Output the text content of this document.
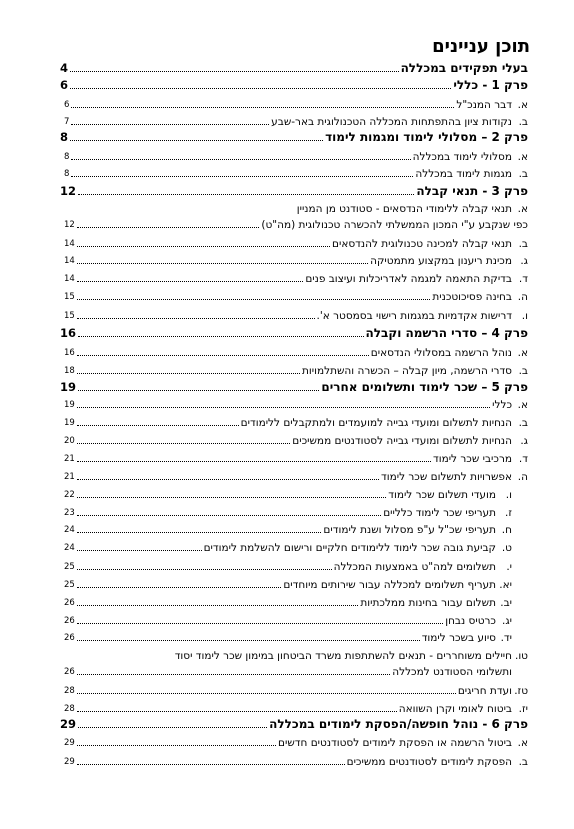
תוכן עניינים
בעלי תפקידים במכללה
4
פרק 1 - כללי
6
א.
דבר המנכ"ל
6
ב.
נקודות ציון בהתפתחות המכללה הטכנולוגית באר-שבע
7
פרק 2 – מסלולי לימוד ומגמות לימוד
8
א.
מסלולי לימוד במכללה
8
ב.
מגמות לימוד במכללה
8
פרק 3 - תנאי קבלה
12
א.
תנאי קבלה ללימודי הנדסאים - סטודנט מן המניין
כפי שנקבע ע"י המכון הממשלתי להכשרה טכנולוגית (מה"ט)
12
ב.
תנאי קבלה למכינה טכנולוגית להנדסאים
14
ג.
מכינת ריענון במקצוע מתמטיקה
14
ד.
בדיקת התאמה למגמה לאדריכלות ועיצוב פנים
14
ה.
בחינה פסיכוטכנית
15
ו.
דרישות אקדמיות במגמות רישוי בסמסטר א'.
15
פרק 4 – סדרי הרשמה וקבלה
16
א.
נוהל הרשמה במסלולי הנדסאים
16
ב.
סדרי הרשמה, מיון קבלה – הכשרה והשתלמויות
18
פרק 5 – שכר לימוד ותשלומים אחרים
19
א.
כללי
19
ב.
הנחיות לתשלום ומועדי גבייה למועמדים ולמתקבלים ללימודים
19
ג.
הנחיות לתשלום ומועדי גבייה לסטודנטים ממשיכים
20
ד.
מרכיבי שכר לימוד
21
ה.
אפשרויות לתשלום שכר לימוד
21
ו.
מועדי תשלום שכר לימוד
22
ז.
תעריפי שכר לימוד כלליים
23
ח.
תעריפי שכ"ל ע"פ מסלול ושנת לימודים
24
ט.
קביעת גובה שכר לימוד ללימודים חלקיים ורישום להשלמת לימודים
24
י.
תשלומים למה"ט באמצעות המכללה
25
יא.
תעריף תשלומים למכללה עבור שירותים מיוחדים
25
יב.
תשלום עבור בחינות ממלכתיות
26
יג.
כרטיס נבחן
26
יד.
סיוע בשכר לימוד
26
טו.
חיילים משוחררים - תנאים להשתתפות משרד הביטחון במימון שכר לימוד יסוד
ותשלומי הסטודנט למכללה
26
טז.
ועדת חריגים
28
יז.
ביטוח לאומי וקרן השוואה
28
פרק 6 - נוהל חופשה/הפסקת לימודים במכללה
29
א.
ביטול הרשמה או הפסקת לימודים לסטודנטים חדשים
29
ב.
הפסקת לימודים לסטודנטים ממשיכים
29
